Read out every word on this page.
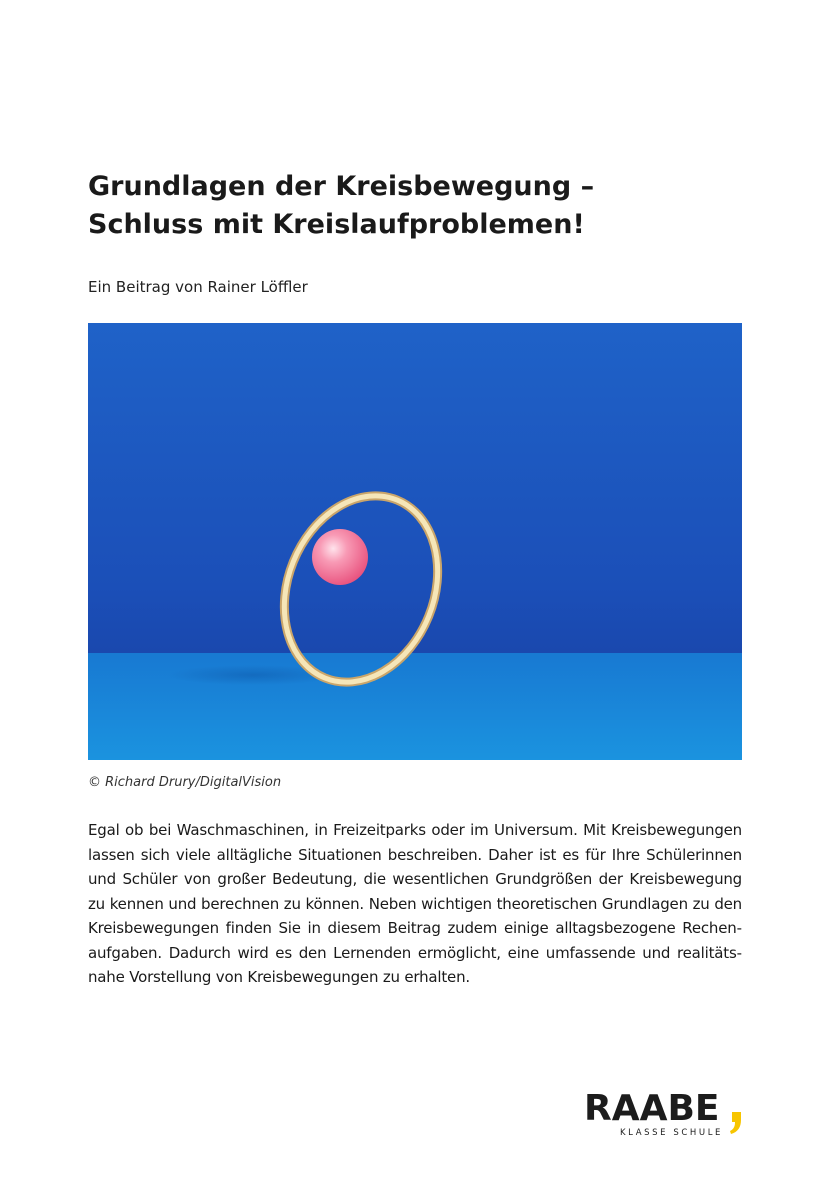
Grundlagen der Kreisbewegung –
Schluss mit Kreislaufproblemen!
Ein Beitrag von Rainer Löffler
© Richard Drury/DigitalVision

Egal ob bei Waschmaschinen, in Freizeitparks oder im Universum. Mit Kreisbewegungen lassen sich viele alltägliche Situationen beschreiben. Daher ist es für Ihre Schülerinnen und Schüler von großer Bedeutung, die wesentlichen Grundgrößen der Kreisbewegung zu kennen und berechnen zu können. Neben wichtigen theoretischen Grundlagen zu den Kreisbewegungen finden Sie in diesem Beitrag zudem einige alltagsbezogene Rechenaufgaben. Dadurch wird es den Lernenden ermöglicht, eine umfassende und realitätsnahe Vorstellung von Kreisbewegungen zu erhalten.

RAABE
KLASSE SCHULE
